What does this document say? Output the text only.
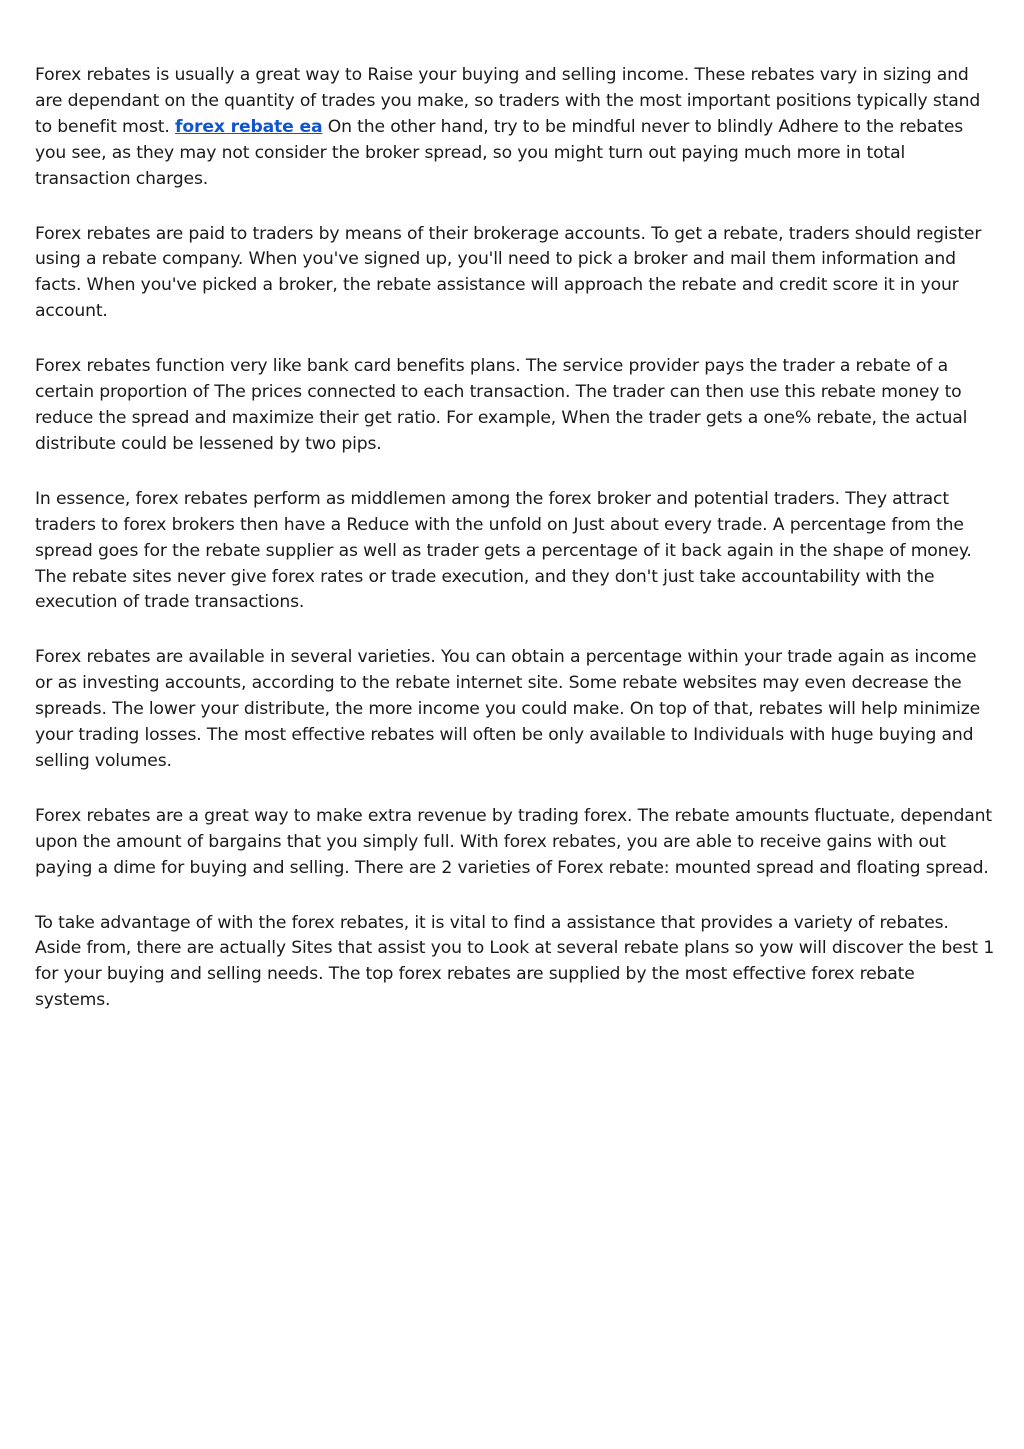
Forex rebates is usually a great way to Raise your buying and selling income. These rebates vary in sizing and are dependant on the quantity of trades you make, so traders with the most important positions typically stand to benefit most. forex rebate ea On the other hand, try to be mindful never to blindly Adhere to the rebates you see, as they may not consider the broker spread, so you might turn out paying much more in total transaction charges.

Forex rebates are paid to traders by means of their brokerage accounts. To get a rebate, traders should register using a rebate company. When you've signed up, you'll need to pick a broker and mail them information and facts. When you've picked a broker, the rebate assistance will approach the rebate and credit score it in your account.

Forex rebates function very like bank card benefits plans. The service provider pays the trader a rebate of a certain proportion of The prices connected to each transaction. The trader can then use this rebate money to reduce the spread and maximize their get ratio. For example, When the trader gets a one% rebate, the actual distribute could be lessened by two pips.

In essence, forex rebates perform as middlemen among the forex broker and potential traders. They attract traders to forex brokers then have a Reduce with the unfold on Just about every trade. A percentage from the spread goes for the rebate supplier as well as trader gets a percentage of it back again in the shape of money. The rebate sites never give forex rates or trade execution, and they don't just take accountability with the execution of trade transactions.

Forex rebates are available in several varieties. You can obtain a percentage within your trade again as income or as investing accounts, according to the rebate internet site. Some rebate websites may even decrease the spreads. The lower your distribute, the more income you could make. On top of that, rebates will help minimize your trading losses. The most effective rebates will often be only available to Individuals with huge buying and selling volumes.

Forex rebates are a great way to make extra revenue by trading forex. The rebate amounts fluctuate, dependant upon the amount of bargains that you simply full. With forex rebates, you are able to receive gains with out paying a dime for buying and selling. There are 2 varieties of Forex rebate: mounted spread and floating spread.

To take advantage of with the forex rebates, it is vital to find a assistance that provides a variety of rebates. Aside from, there are actually Sites that assist you to Look at several rebate plans so yow will discover the best 1 for your buying and selling needs. The top forex rebates are supplied by the most effective forex rebate systems.
